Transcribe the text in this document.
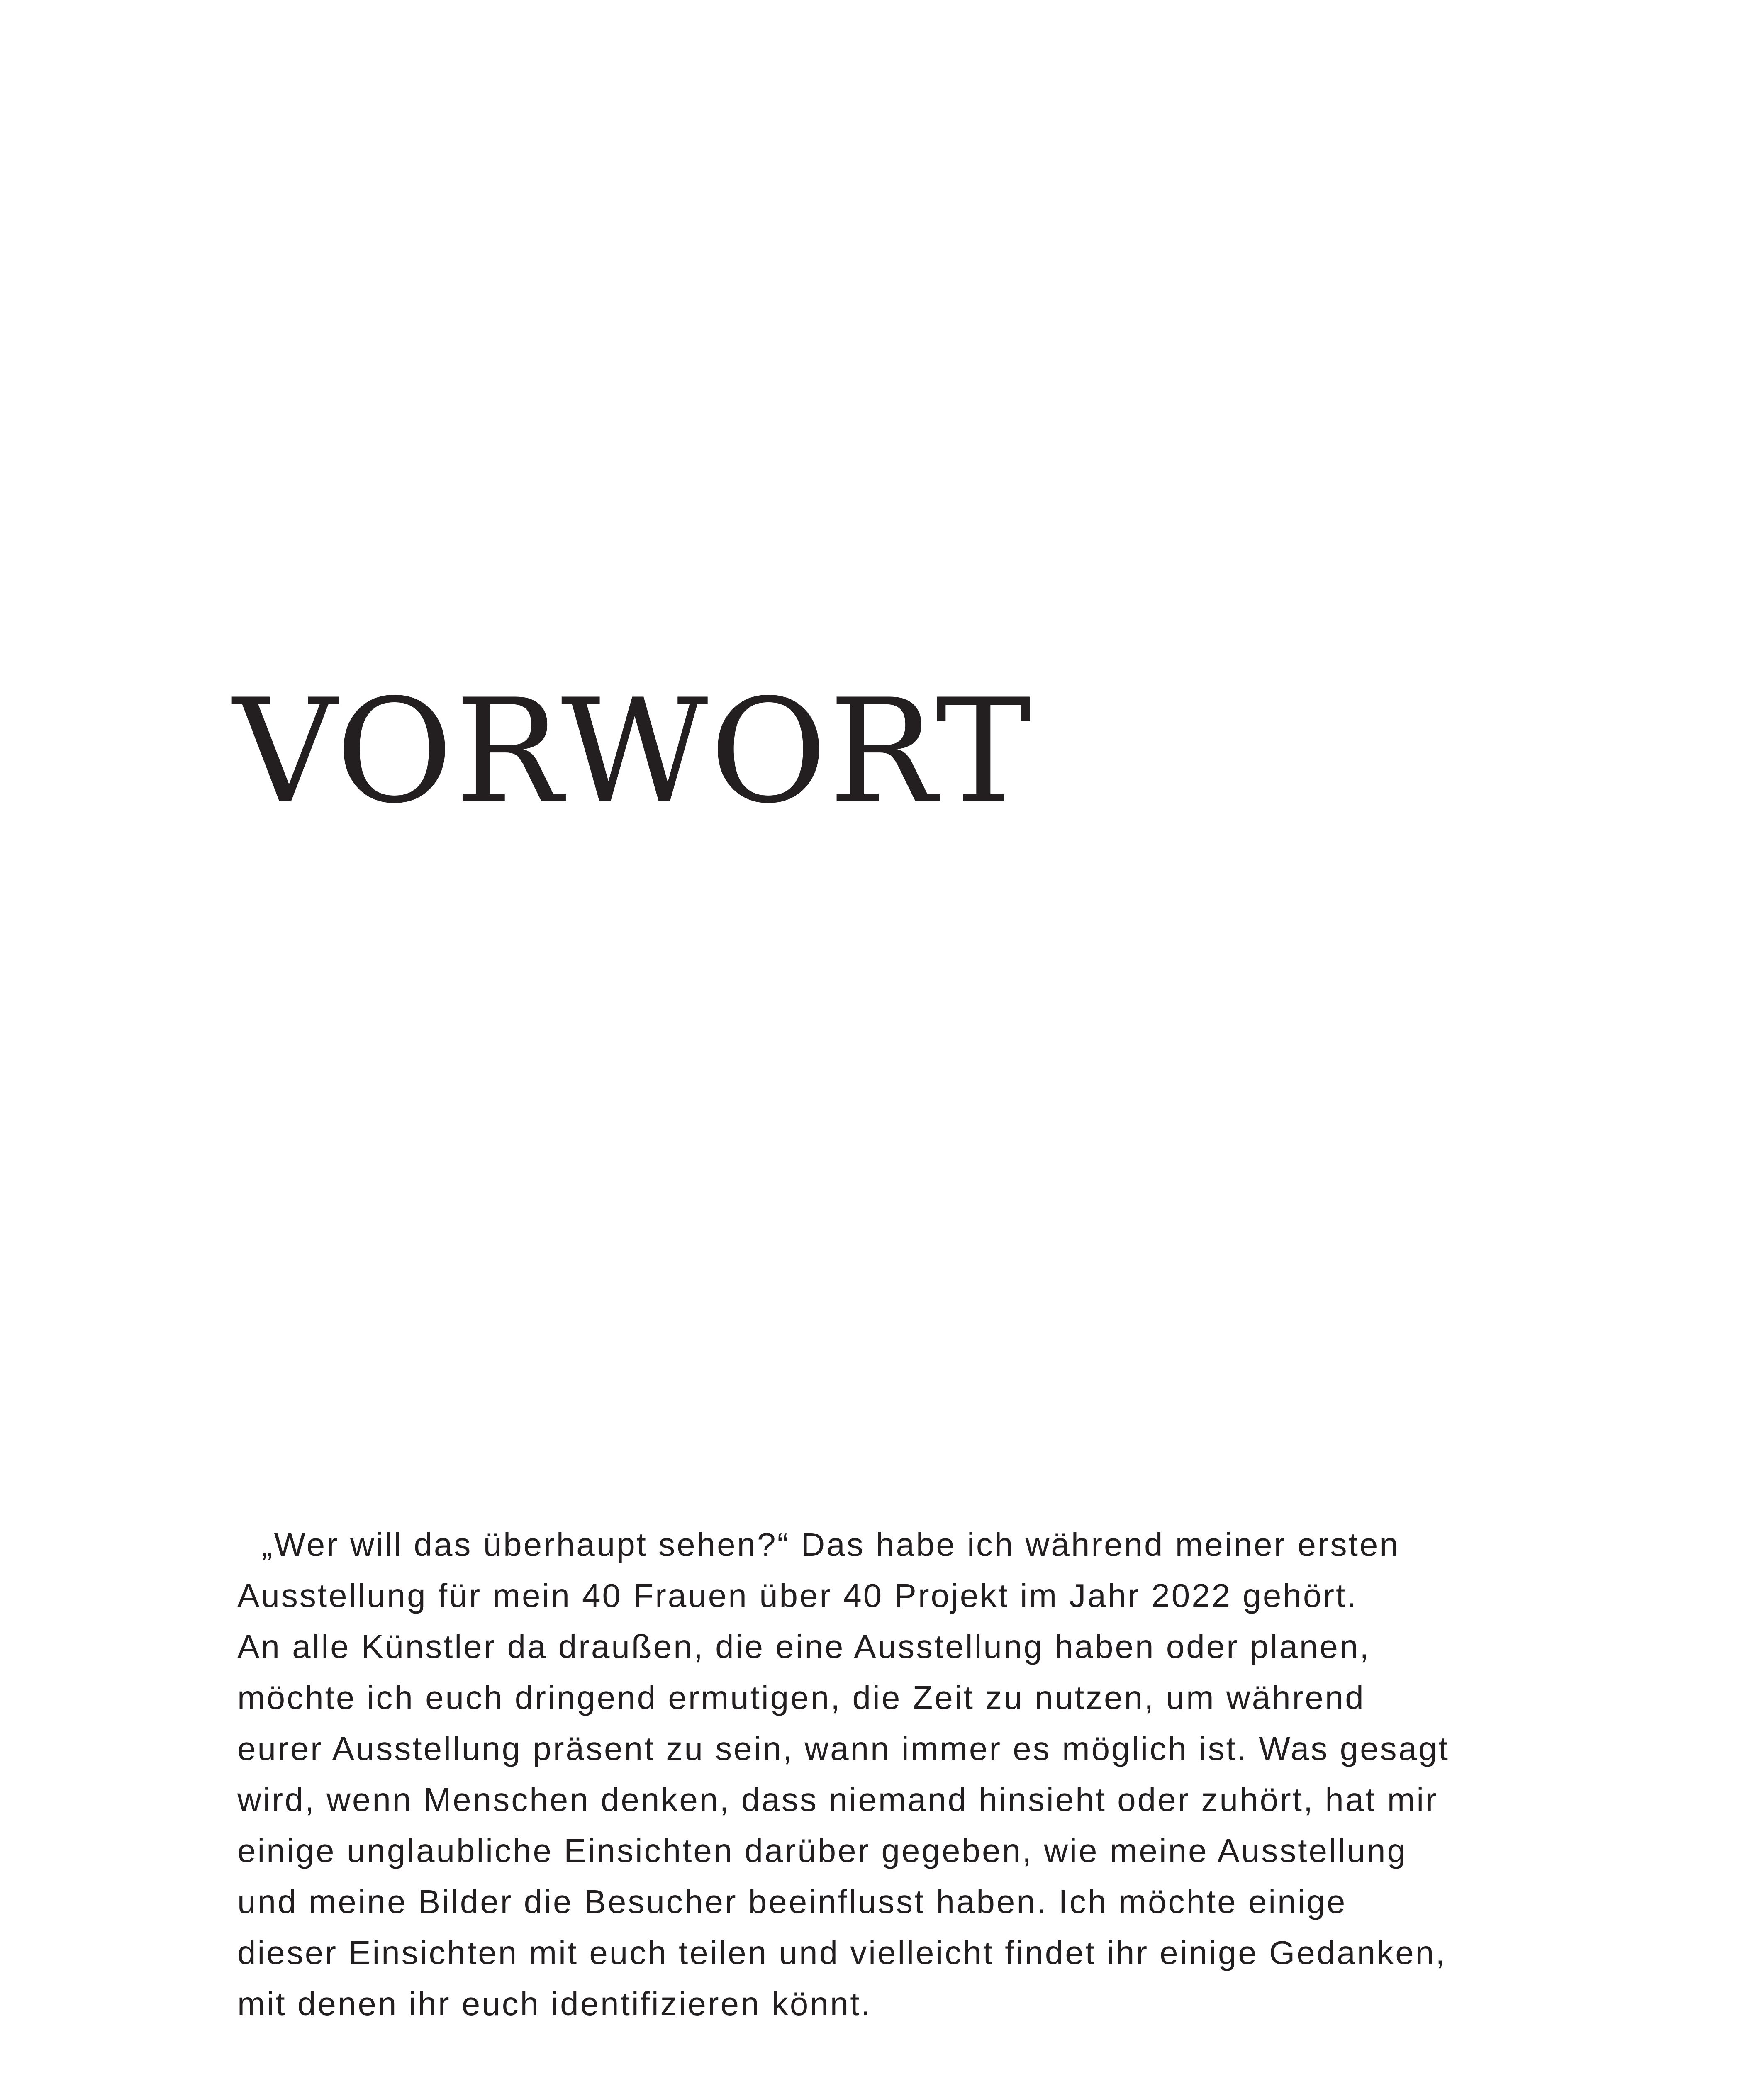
VORWORT

„Wer will das überhaupt sehen?“ Das habe ich während meiner ersten
Ausstellung für mein 40 Frauen über 40 Projekt im Jahr 2022 gehört.
An alle Künstler da draußen, die eine Ausstellung haben oder planen,
möchte ich euch dringend ermutigen, die Zeit zu nutzen, um während
eurer Ausstellung präsent zu sein, wann immer es möglich ist. Was gesagt
wird, wenn Menschen denken, dass niemand hinsieht oder zuhört, hat mir
einige unglaubliche Einsichten darüber gegeben, wie meine Ausstellung
und meine Bilder die Besucher beeinflusst haben. Ich möchte einige
dieser Einsichten mit euch teilen und vielleicht findet ihr einige Gedanken,
mit denen ihr euch identifizieren könnt.
